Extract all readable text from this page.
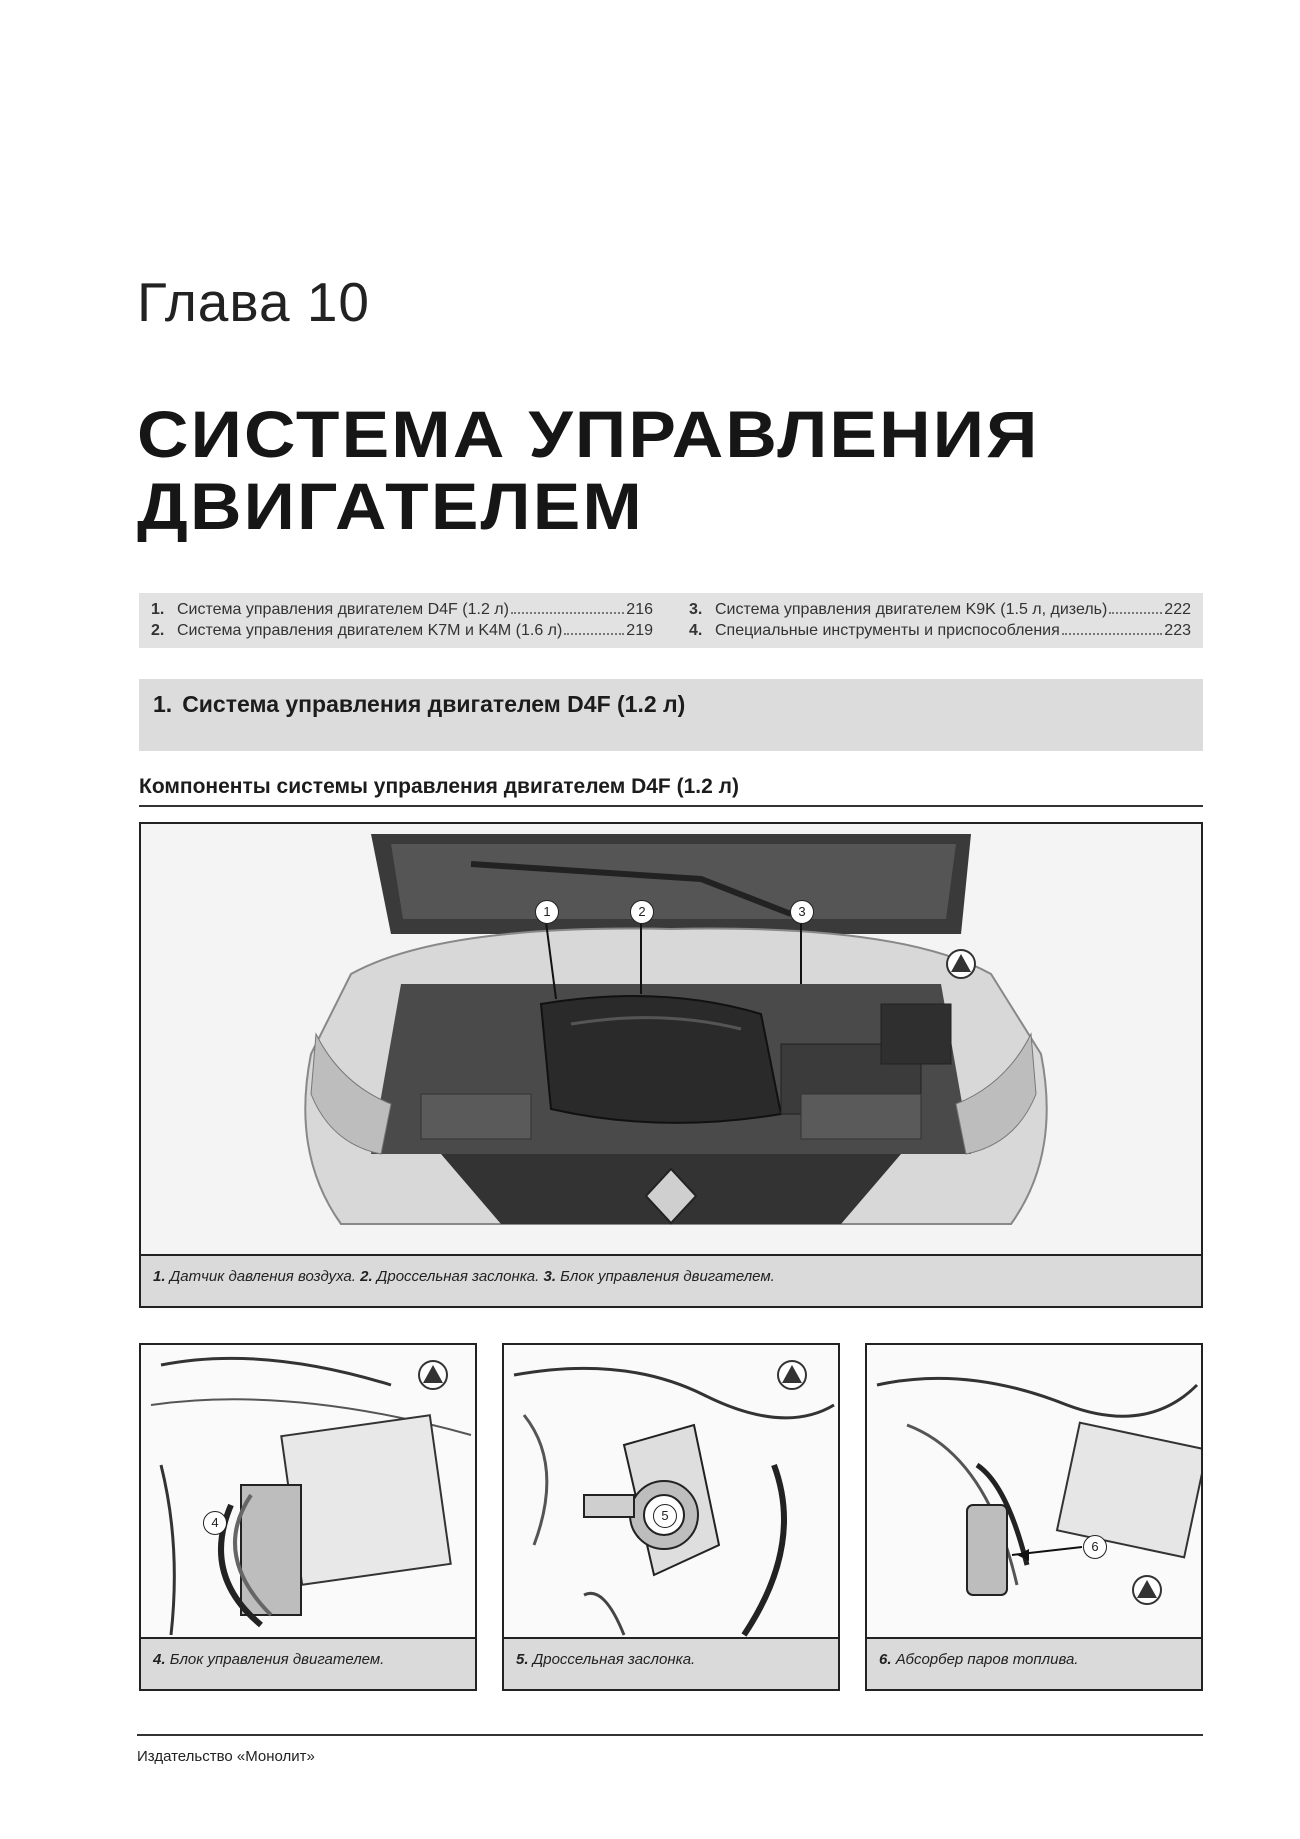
Глава 10
СИСТЕМА УПРАВЛЕНИЯ
ДВИГАТЕЛЕМ
1. Система управления двигателем D4F (1.2 л)	216
2. Система управления двигателем K7M и K4M (1.6 л)	219
3. Система управления двигателем K9K (1.5 л, дизель)	222
4. Специальные инструменты и приспособления	223
1. Система управления двигателем D4F (1.2 л)
Компоненты системы управления двигателем D4F (1.2 л)
1	2	3
1. Датчик давления воздуха. 2. Дроссельная заслонка. 3. Блок управления двигателем.
4
4. Блок управления двигателем.
5
5. Дроссельная заслонка.
6
6. Абсорбер паров топлива.
Издательство «Монолит»
